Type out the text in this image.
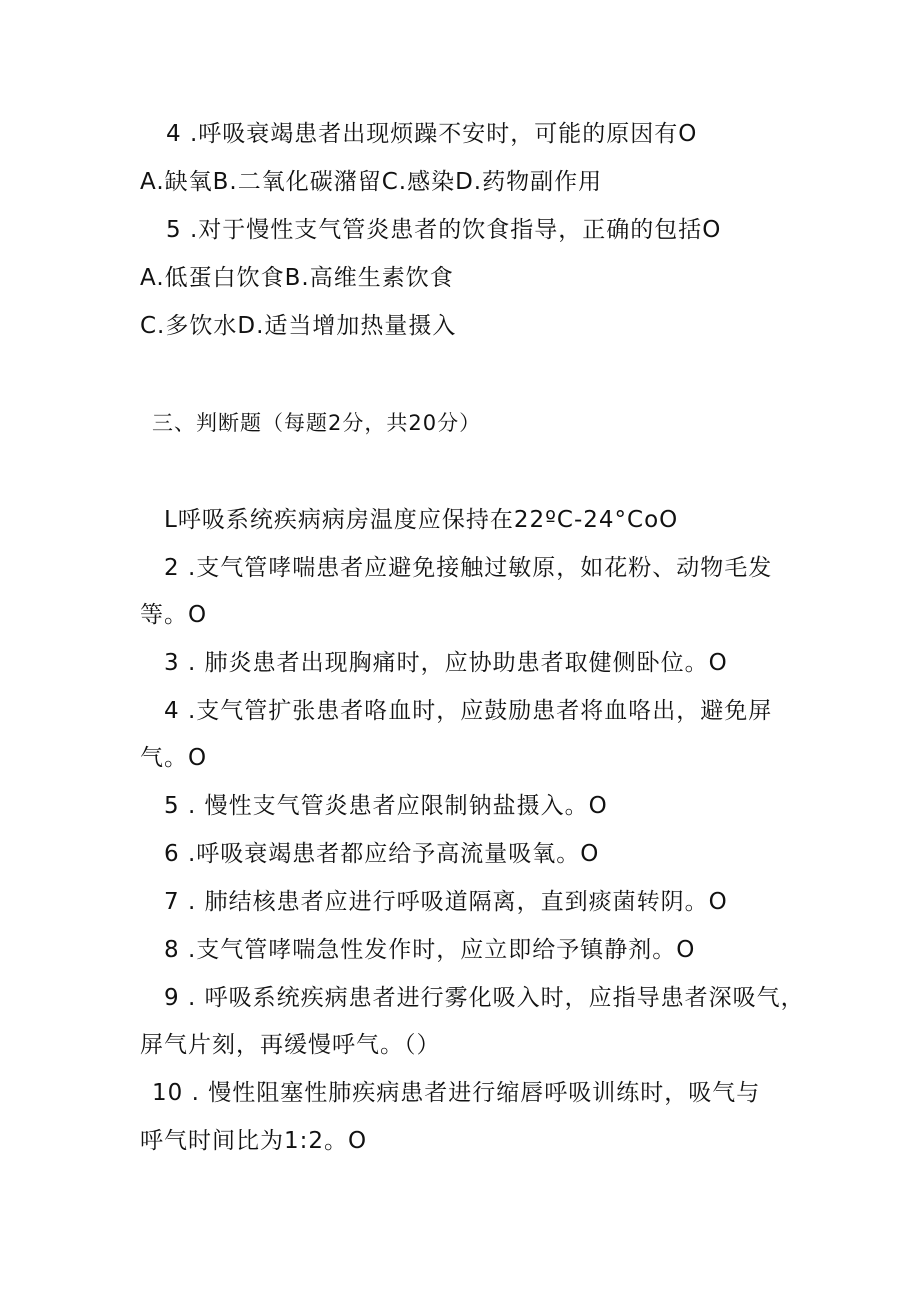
4 .呼吸衰竭患者出现烦躁不安时，可能的原因有O
A.缺氧B.二氧化碳潴留C.感染D.药物副作用
5 .对于慢性支气管炎患者的饮食指导，正确的包括O
A.低蛋白饮食B.高维生素饮食
C.多饮水D.适当增加热量摄入
三、判断题（每题2分，共20分）
L呼吸系统疾病病房温度应保持在22ºC-24°CoO
2 .支气管哮喘患者应避免接触过敏原，如花粉、动物毛发
等。O
3 . 肺炎患者出现胸痛时，应协助患者取健侧卧位。O
4 .支气管扩张患者咯血时，应鼓励患者将血咯出，避免屏
气。O
5 . 慢性支气管炎患者应限制钠盐摄入。O
6 .呼吸衰竭患者都应给予高流量吸氧。O
7 . 肺结核患者应进行呼吸道隔离，直到痰菌转阴。O
8 .支气管哮喘急性发作时，应立即给予镇静剂。O
9 . 呼吸系统疾病患者进行雾化吸入时，应指导患者深吸气，
屏气片刻，再缓慢呼气。（）
10 . 慢性阻塞性肺疾病患者进行缩唇呼吸训练时，吸气与
呼气时间比为1:2。O
